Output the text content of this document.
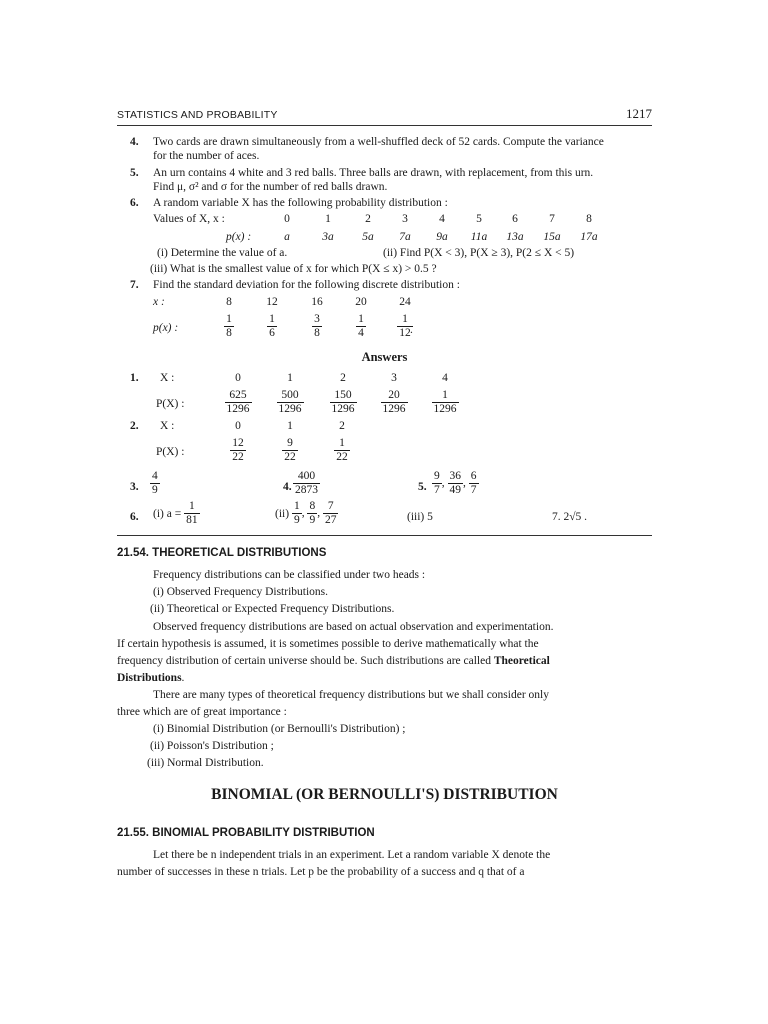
STATISTICS AND PROBABILITY	1217
4. Two cards are drawn simultaneously from a well-shuffled deck of 52 cards. Compute the variance
for the number of aces.
5. An urn contains 4 white and 3 red balls. Three balls are drawn, with replacement, from this urn.
Find μ, σ² and σ for the number of red balls drawn.
6. A random variable X has the following probability distribution :
Values of X, x :	0	1	2	3	4	5	6	7	8
p(x) :	a	3a	5a	7a	9a	11a	13a	15a	17a
(i) Determine the value of a.	(ii) Find P(X < 3), P(X ≥ 3), P(2 ≤ X < 5)
(iii) What is the smallest value of x for which P(X ≤ x) > 0.5 ?
7. Find the standard deviation for the following discrete distribution :
x :	8	12	16	20	24
p(x) :	$\frac{1}{8}$	$\frac{1}{6}$	$\frac{3}{8}$	$\frac{1}{4}$	$\frac{1}{12}$
.
Answers
1. X :	0	1	2	3	4
P(X) :	$\frac{625}{1296} \frac{500}{1296} \frac{150}{1296} \frac{20}{1296} \frac{1}{1296}$
2. X :	0	1	2
P(X) :	$\frac{12}{22}$	$\frac{9}{22}$	$\frac{1}{22}$
3. $\frac{4}{9}$	4. $\frac{400}{2873}$	5. $\frac{9}{7}$ , $\frac{36}{49}$ , $\frac{6}{7}$
6. (i) $a = \frac{1}{81}$	$(ii) \frac{1}{9}$ , $\frac{8}{9}$ , $\frac{7}{27}$	(iii) 5	7. 2√5 .
21.54. THEORETICAL DISTRIBUTIONS
Frequency distributions can be classified under two heads :
(i) Observed Frequency Distributions.
(ii) Theoretical or Expected Frequency Distributions.
Observed frequency distributions are based on actual observation and experimentation.
If certain hypothesis is assumed, it is sometimes possible to derive mathematically what the
frequency distribution of certain universe should be. Such distributions are called Theoretical
Distributions.
There are many types of theoretical frequency distributions but we shall consider only
three which are of great importance :
(i) Binomial Distribution (or Bernoulli's Distribution) ;
(ii) Poisson's Distribution ;
(iii) Normal Distribution.
BINOMIAL (OR BERNOULLI'S) DISTRIBUTION
21.55. BINOMIAL PROBABILITY DISTRIBUTION
Let there be n independent trials in an experiment. Let a random variable X denote the
number of successes in these n trials. Let p be the probability of a success and q that of a
